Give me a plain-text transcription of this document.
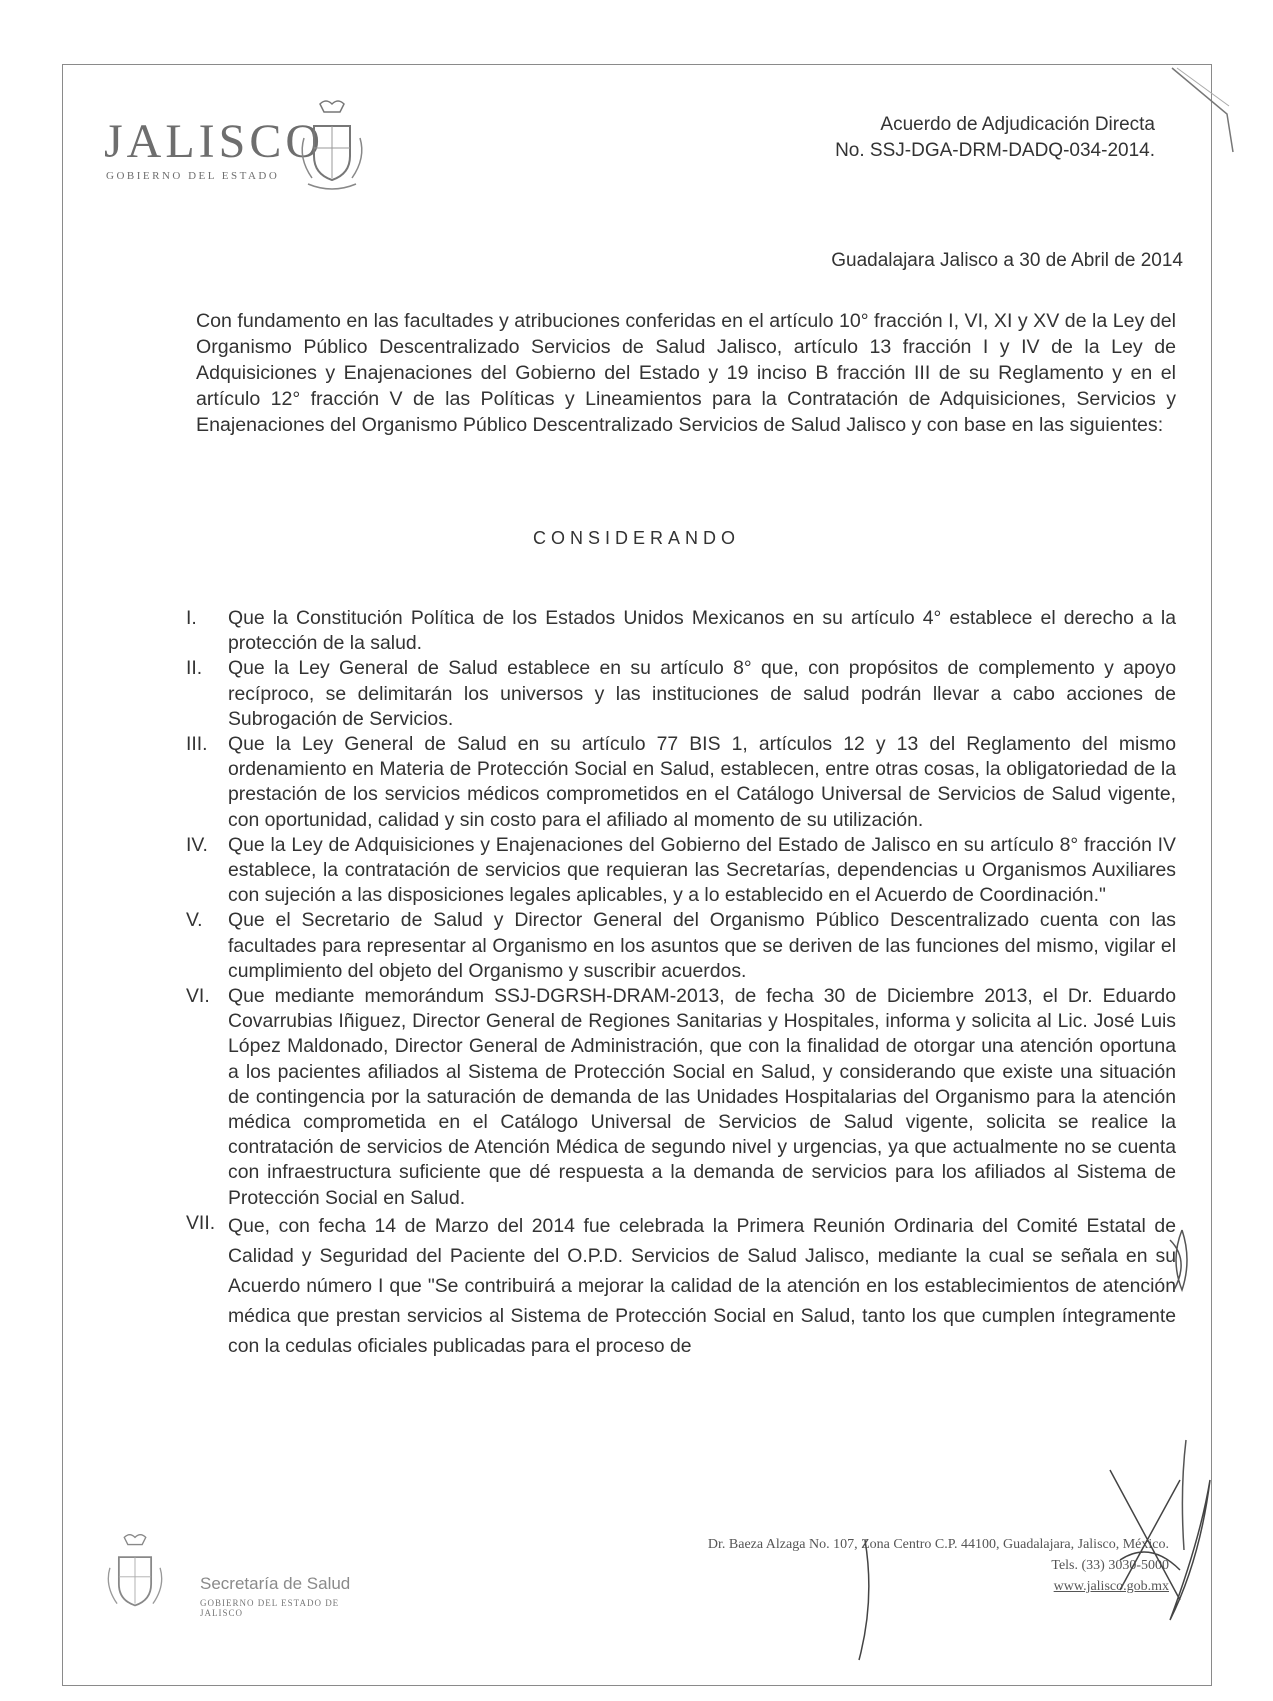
JALISCO
GOBIERNO DEL ESTADO
Acuerdo de Adjudicación Directa
No. SSJ-DGA-DRM-DADQ-034-2014.
Guadalajara Jalisco a 30 de Abril de 2014
Con fundamento en las facultades y atribuciones conferidas en el artículo 10° fracción I, VI, XI y XV de la Ley del Organismo Público Descentralizado Servicios de Salud Jalisco, artículo 13 fracción I y IV de la Ley de Adquisiciones y Enajenaciones del Gobierno del Estado y 19 inciso B fracción III de su Reglamento y en el artículo 12° fracción V de las Políticas y Lineamientos para la Contratación de Adquisiciones, Servicios y Enajenaciones del Organismo Público Descentralizado Servicios de Salud Jalisco y con base en las siguientes:
CONSIDERANDO
I.	Que la Constitución Política de los Estados Unidos Mexicanos en su artículo 4° establece el derecho a la protección de la salud.
II.	Que la Ley General de Salud establece en su artículo 8° que, con propósitos de complemento y apoyo recíproco, se delimitarán los universos y las instituciones de salud podrán llevar a cabo acciones de Subrogación de Servicios.
III.	Que la Ley General de Salud en su artículo 77 BIS 1, artículos 12 y 13 del Reglamento del mismo ordenamiento en Materia de Protección Social en Salud, establecen, entre otras cosas, la obligatoriedad de la prestación de los servicios médicos comprometidos en el Catálogo Universal de Servicios de Salud vigente, con oportunidad, calidad y sin costo para el afiliado al momento de su utilización.
IV.	Que la Ley de Adquisiciones y Enajenaciones del Gobierno del Estado de Jalisco en su artículo 8° fracción IV establece, la contratación de servicios que requieran las Secretarías, dependencias u Organismos Auxiliares con sujeción a las disposiciones legales aplicables, y a lo establecido en el Acuerdo de Coordinación."
V.	Que el Secretario de Salud y Director General del Organismo Público Descentralizado cuenta con las facultades para representar al Organismo en los asuntos que se deriven de las funciones del mismo, vigilar el cumplimiento del objeto del Organismo y suscribir acuerdos.
VI. Que mediante memorándum SSJ-DGRSH-DRAM-2013, de fecha 30 de Diciembre 2013, el Dr. Eduardo Covarrubias Iñiguez, Director General de Regiones Sanitarias y Hospitales, informa y solicita al Lic. José Luis López Maldonado, Director General de Administración, que con la finalidad de otorgar una atención oportuna a los pacientes afiliados al Sistema de Protección Social en Salud, y considerando que existe una situación de contingencia por la saturación de demanda de las Unidades Hospitalarias del Organismo para la atención médica comprometida en el Catálogo Universal de Servicios de Salud vigente, solicita se realice la contratación de servicios de Atención Médica de segundo nivel y urgencias, ya que actualmente no se cuenta con infraestructura suficiente que dé respuesta a la demanda de servicios para los afiliados al Sistema de Protección Social en Salud.
VII. Que, con fecha 14 de Marzo del 2014 fue celebrada la Primera Reunión Ordinaria del Comité Estatal de Calidad y Seguridad del Paciente del O.P.D. Servicios de Salud Jalisco, mediante la cual se señala en su Acuerdo número I que "Se contribuirá a mejorar la calidad de la atención en los establecimientos de atención médica que prestan servicios al Sistema de Protección Social en Salud, tanto los que cumplen íntegramente con la cedulas oficiales publicadas para el proceso de
Secretaría de Salud
GOBIERNO DEL ESTADO DE JALISCO
Dr. Baeza Alzaga No. 107, Zona Centro C.P. 44100, Guadalajara, Jalisco, México.
Tels. (33) 3030-5000
www.jalisco.gob.mx
